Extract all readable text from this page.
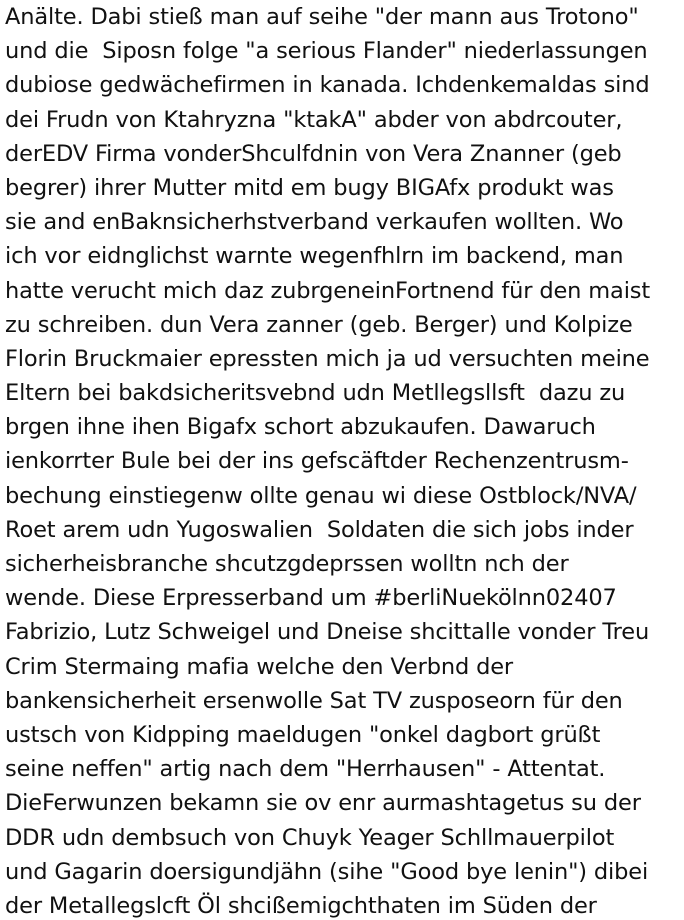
Anälte. Dabi stieß man auf seihe "der mann aus Trotono"
und die  Siposn folge "a serious Flander" niederlassungen
dubiose gedwächefirmen in kanada. Ichdenkemaldas sind
dei Frudn von Ktahryzna "ktakA" abder von abdrcouter,
derEDV Firma vonderShculfdnin von Vera Znanner (geb
begrer) ihrer Mutter mitd em bugy BIGAfx produkt was
sie and enBaknsicherhstverband verkaufen wollten. Wo
ich vor eidnglichst warnte wegenfhlrn im backend, man
hatte verucht mich daz zubrgeneinFortnend für den maist
zu schreiben. dun Vera zanner (geb. Berger) und Kolpize
Florin Bruckmaier epressten mich ja ud versuchten meine
Eltern bei bakdsicheritsvebnd udn Metllegsllsft  dazu zu
brgen ihne ihen Bigafx schort abzukaufen. Dawaruch
ienkorrter Bule bei der ins gefscäftder Rechenzentrusm-
bechung einstiegenw ollte genau wi diese Ostblock/NVA/
Roet arem udn Yugoswalien  Soldaten die sich jobs inder
sicherheisbranche shcutzgdeprssen wolltn nch der
wende. Diese Erpresserband um #berliNuekölnn02407
Fabrizio, Lutz Schweigel und Dneise shcittalle vonder Treu
Crim Stermaing mafia welche den Verbnd der
bankensicherheit ersenwolle Sat TV zusposeorn für den
ustsch von Kidpping maeldugen "onkel dagbort grüßt
seine neffen" artig nach dem "Herrhausen" - Attentat.
DieFerwunzen bekamn sie ov enr aurmashtagetus su der
DDR udn dembsuch von Chuyk Yeager Schllmauerpilot
und Gagarin doersigundjähn (sihe "Good bye lenin") dibei
der Metallegslcft Öl shcißemigchthaten im Süden der
